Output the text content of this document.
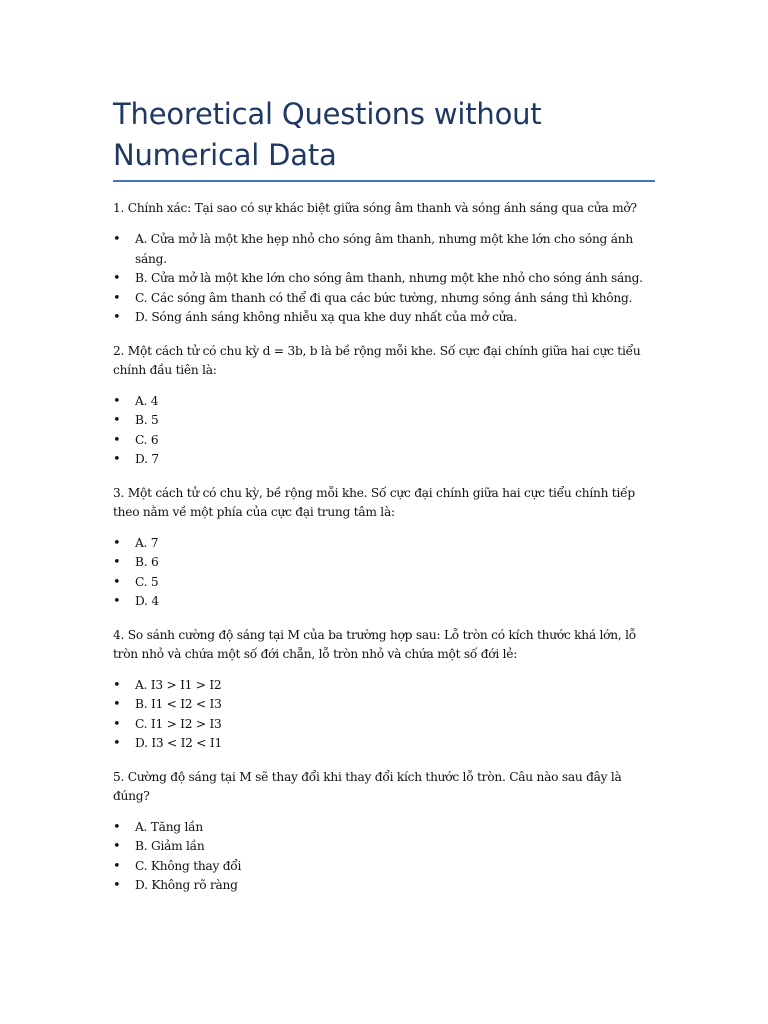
Theoretical Questions without Numerical Data

1. Chính xác: Tại sao có sự khác biệt giữa sóng âm thanh và sóng ánh sáng qua cửa mở?

• A. Cửa mở là một khe hẹp nhỏ cho sóng âm thanh, nhưng một khe lớn cho sóng ánh sáng.
• B. Cửa mở là một khe lớn cho sóng âm thanh, nhưng một khe nhỏ cho sóng ánh sáng.
• C. Các sóng âm thanh có thể đi qua các bức tường, nhưng sóng ánh sáng thì không.
• D. Sóng ánh sáng không nhiễu xạ qua khe duy nhất của mở cửa.

2. Một cách tử có chu kỳ d = 3b, b là bề rộng mỗi khe. Số cực đại chính giữa hai cực tiểu chính đầu tiên là:

• A. 4
• B. 5
• C. 6
• D. 7

3. Một cách tử có chu kỳ, bề rộng mỗi khe. Số cực đại chính giữa hai cực tiểu chính tiếp theo nằm về một phía của cực đại trung tâm là:

• A. 7
• B. 6
• C. 5
• D. 4

4. So sánh cường độ sáng tại M của ba trường hợp sau: Lỗ tròn có kích thước khá lớn, lỗ tròn nhỏ và chứa một số đới chẵn, lỗ tròn nhỏ và chứa một số đới lẻ:

• A. I3 > I1 > I2
• B. I1 < I2 < I3
• C. I1 > I2 > I3
• D. I3 < I2 < I1

5. Cường độ sáng tại M sẽ thay đổi khi thay đổi kích thước lỗ tròn. Câu nào sau đây là đúng?

• A. Tăng lần
• B. Giảm lần
• C. Không thay đổi
• D. Không rõ ràng
